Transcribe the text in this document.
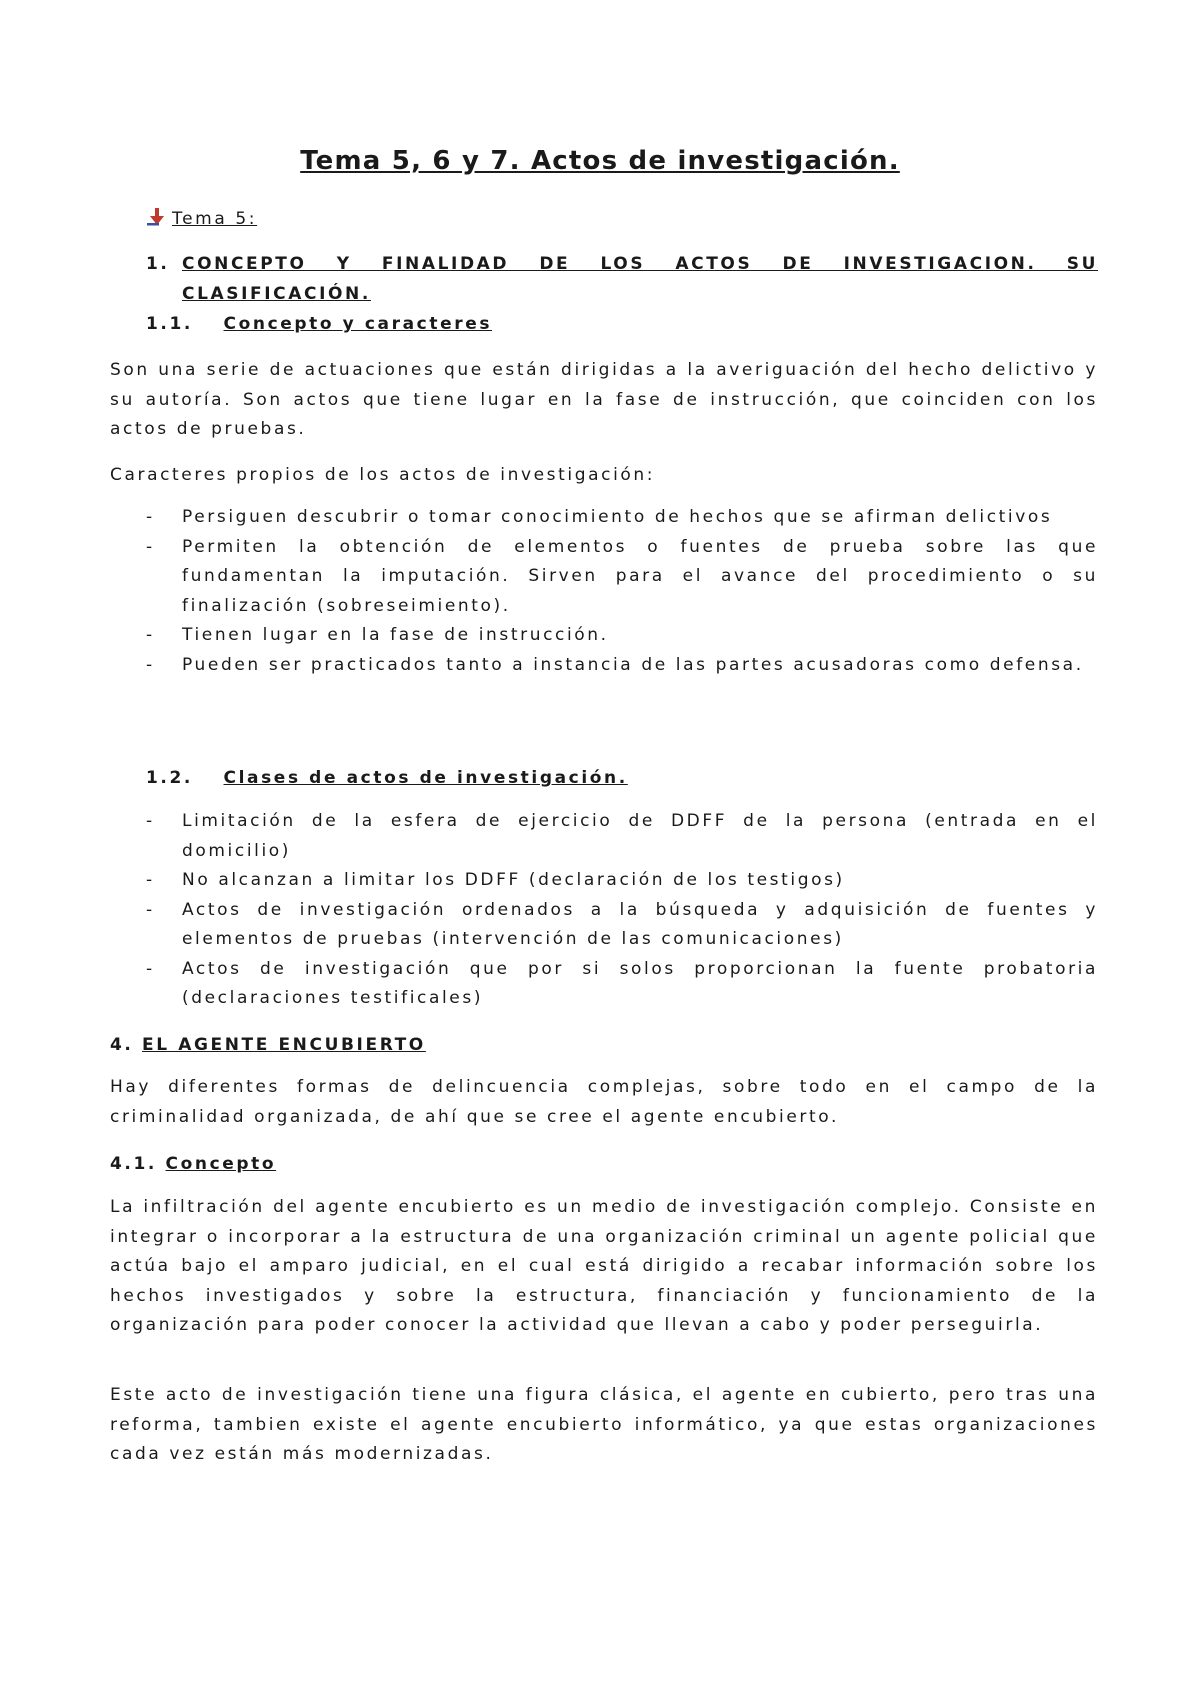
Tema 5, 6 y 7. Actos de investigación.
Tema 5:
1. CONCEPTO Y FINALIDAD DE LOS ACTOS DE INVESTIGACION. SU CLASIFICACIÓN.
1.1. Concepto y caracteres
Son una serie de actuaciones que están dirigidas a la averiguación del hecho delictivo y su autoría. Son actos que tiene lugar en la fase de instrucción, que coinciden con los actos de pruebas.
Caracteres propios de los actos de investigación:
- Persiguen descubrir o tomar conocimiento de hechos que se afirman delictivos
- Permiten la obtención de elementos o fuentes de prueba sobre las que fundamentan la imputación. Sirven para el avance del procedimiento o su finalización (sobreseimiento).
- Tienen lugar en la fase de instrucción.
- Pueden ser practicados tanto a instancia de las partes acusadoras como defensa.
1.2. Clases de actos de investigación.
- Limitación de la esfera de ejercicio de DDFF de la persona (entrada en el domicilio)
- No alcanzan a limitar los DDFF (declaración de los testigos)
- Actos de investigación ordenados a la búsqueda y adquisición de fuentes y elementos de pruebas (intervención de las comunicaciones)
- Actos de investigación que por si solos proporcionan la fuente probatoria (declaraciones testificales)
4. EL AGENTE ENCUBIERTO
Hay diferentes formas de delincuencia complejas, sobre todo en el campo de la criminalidad organizada, de ahí que se cree el agente encubierto.
4.1. Concepto
La infiltración del agente encubierto es un medio de investigación complejo. Consiste en integrar o incorporar a la estructura de una organización criminal un agente policial que actúa bajo el amparo judicial, en el cual está dirigido a recabar información sobre los hechos investigados y sobre la estructura, financiación y funcionamiento de la organización para poder conocer la actividad que llevan a cabo y poder perseguirla.
Este acto de investigación tiene una figura clásica, el agente en cubierto, pero tras una reforma, tambien existe el agente encubierto informático, ya que estas organizaciones cada vez están más modernizadas.
